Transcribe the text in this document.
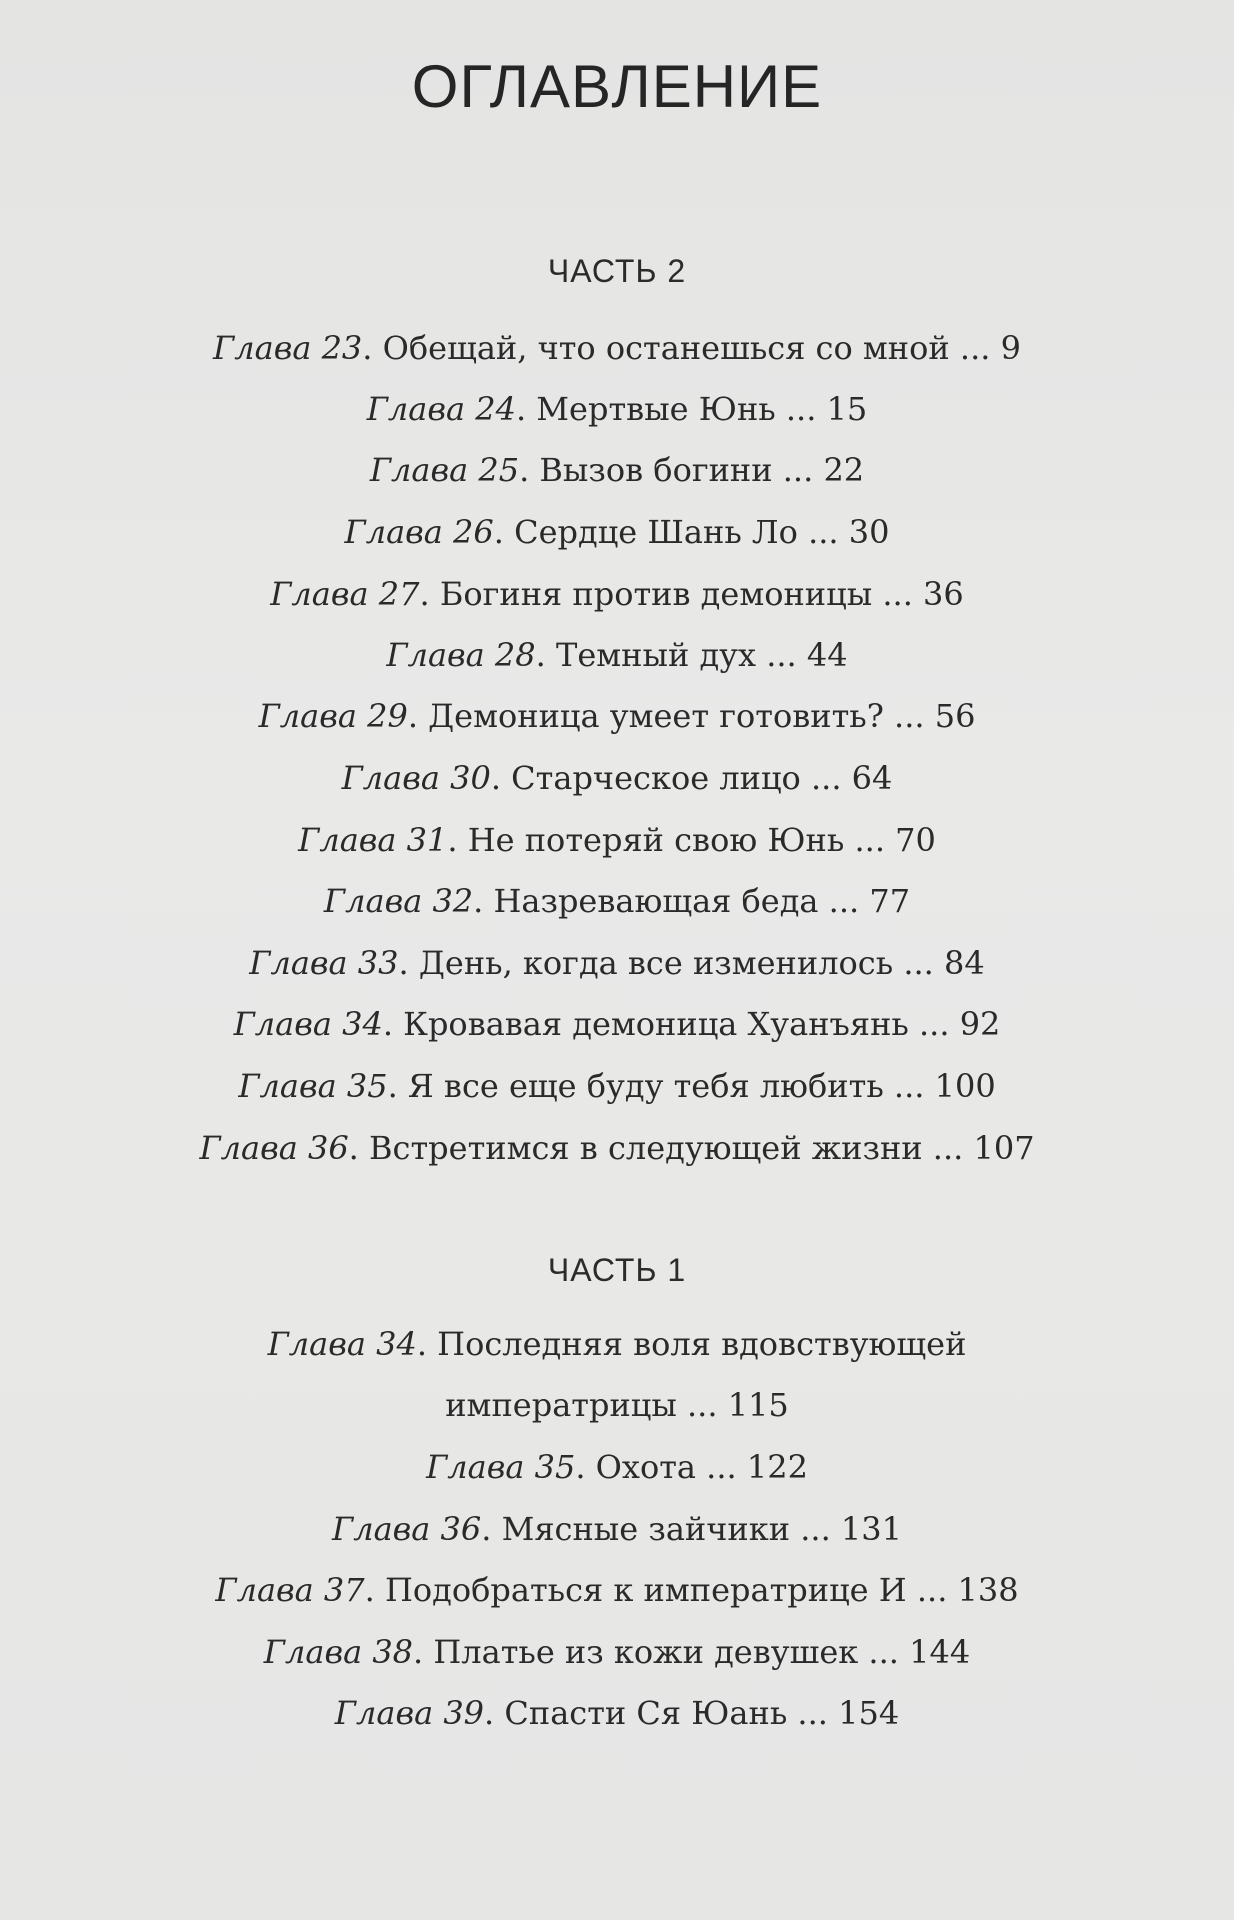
ОГЛАВЛЕНИЕ
ЧАСТЬ 2
Глава 23. Обещай, что останешься со мной ... 9
Глава 24. Мертвые Юнь ... 15
Глава 25. Вызов богини ... 22
Глава 26. Сердце Шань Ло ... 30
Глава 27. Богиня против демоницы ... 36
Глава 28. Темный дух ... 44
Глава 29. Демоница умеет готовить? ... 56
Глава 30. Старческое лицо ... 64
Глава 31. Не потеряй свою Юнь ... 70
Глава 32. Назревающая беда ... 77
Глава 33. День, когда все изменилось ... 84
Глава 34. Кровавая демоница Хуанъянь ... 92
Глава 35. Я все еще буду тебя любить ... 100
Глава 36. Встретимся в следующей жизни ... 107
ЧАСТЬ 1
Глава 34. Последняя воля вдовствующей
императрицы ... 115
Глава 35. Охота ... 122
Глава 36. Мясные зайчики ... 131
Глава 37. Подобраться к императрице И ... 138
Глава 38. Платье из кожи девушек ... 144
Глава 39. Спасти Ся Юань ... 154
